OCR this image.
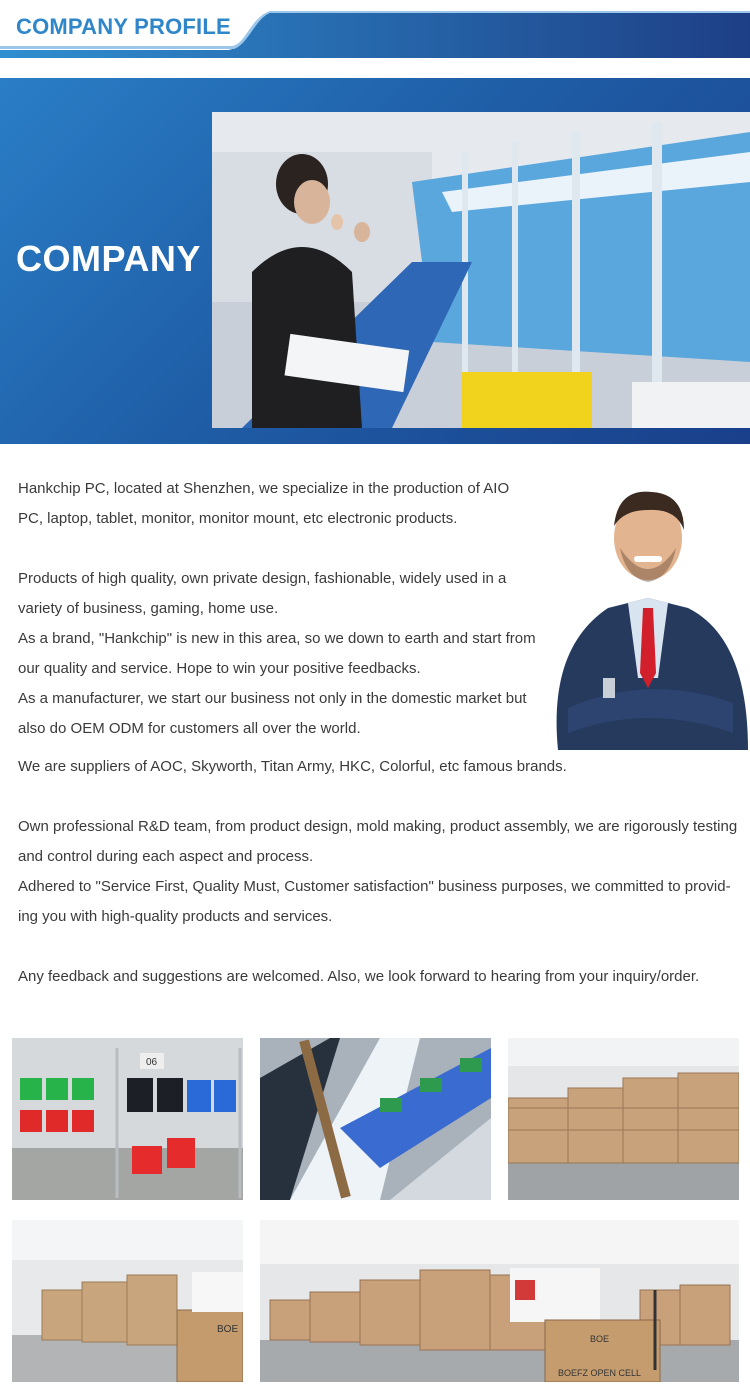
COMPANY PROFILE
COMPANY
Hankchip PC, located at Shenzhen, we specialize in the production of AIO
PC, laptop, tablet, monitor, monitor mount, etc electronic products.
Products of high quality, own private design, fashionable, widely used in a
variety of business, gaming, home use.
As a brand, "Hankchip" is new in this area, so we down to earth and start from
our quality and service. Hope to win your positive feedbacks.
As a manufacturer, we start our business not only in the domestic market but
also do OEM ODM for customers all over the world.
We are suppliers of AOC, Skyworth, Titan Army, HKC, Colorful, etc famous brands.
Own professional R&D team, from product design, mold making, product assembly, we are rigorously testing
and control during each aspect and process.
Adhered to "Service First, Quality Must, Customer satisfaction" business purposes, we committed to provid-
ing you with high-quality products and services.
Any feedback and suggestions are welcomed. Also, we look forward to hearing from your inquiry/order.
06
BOE
BOE
BOEFZ OPEN CELL
